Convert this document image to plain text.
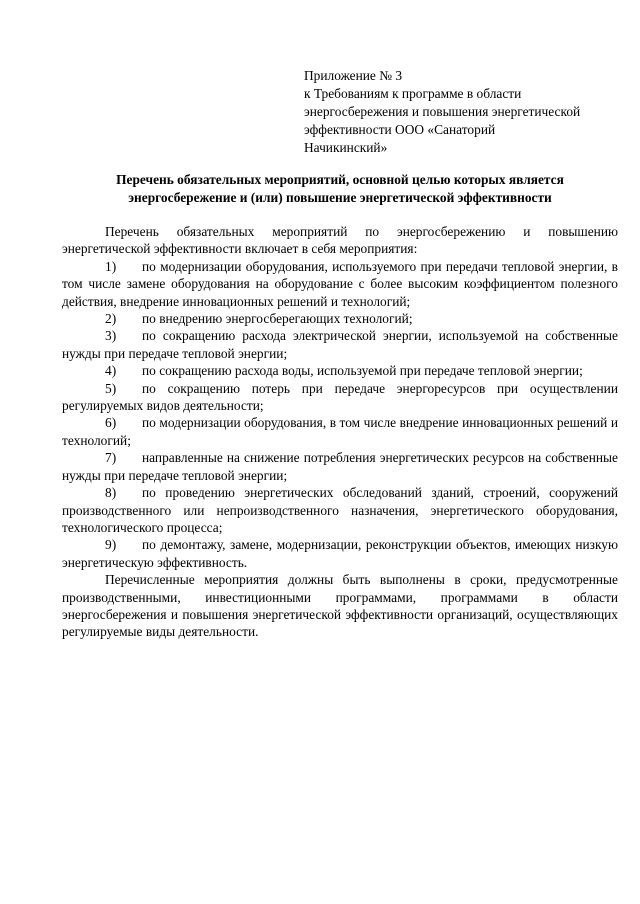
Приложение № 3
к Требованиям к программе в области
энергосбережения и повышения энергетической
эффективности ООО «Санаторий
Начикинский»
Перечень обязательных мероприятий, основной целью которых является
энергосбережение и (или) повышение энергетической эффективности

Перечень обязательных мероприятий по энергосбережению и повышению энергетической эффективности включает в себя мероприятия:

1) по модернизации оборудования, используемого при передачи тепловой энергии, в том числе замене оборудования на оборудование с более высоким коэффициентом полезного действия, внедрение инновационных решений и технологий;

2) по внедрению энергосберегающих технологий;

3) по сокращению расхода электрической энергии, используемой на собственные нужды при передаче тепловой энергии;

4) по сокращению расхода воды, используемой при передаче тепловой энергии;

5) по сокращению потерь при передаче энергоресурсов при осуществлении регулируемых видов деятельности;

6) по модернизации оборудования, в том числе внедрение инновационных решений и технологий;

7) направленные на снижение потребления энергетических ресурсов на собственные нужды при передаче тепловой энергии;

8) по проведению энергетических обследований зданий, строений, сооружений производственного или непроизводственного назначения, энергетического оборудования, технологического процесса;

9) по демонтажу, замене, модернизации, реконструкции объектов, имеющих низкую энергетическую эффективность.

Перечисленные мероприятия должны быть выполнены в сроки, предусмотренные производственными, инвестиционными программами, программами в области энергосбережения и повышения энергетической эффективности организаций, осуществляющих регулируемые виды деятельности.
